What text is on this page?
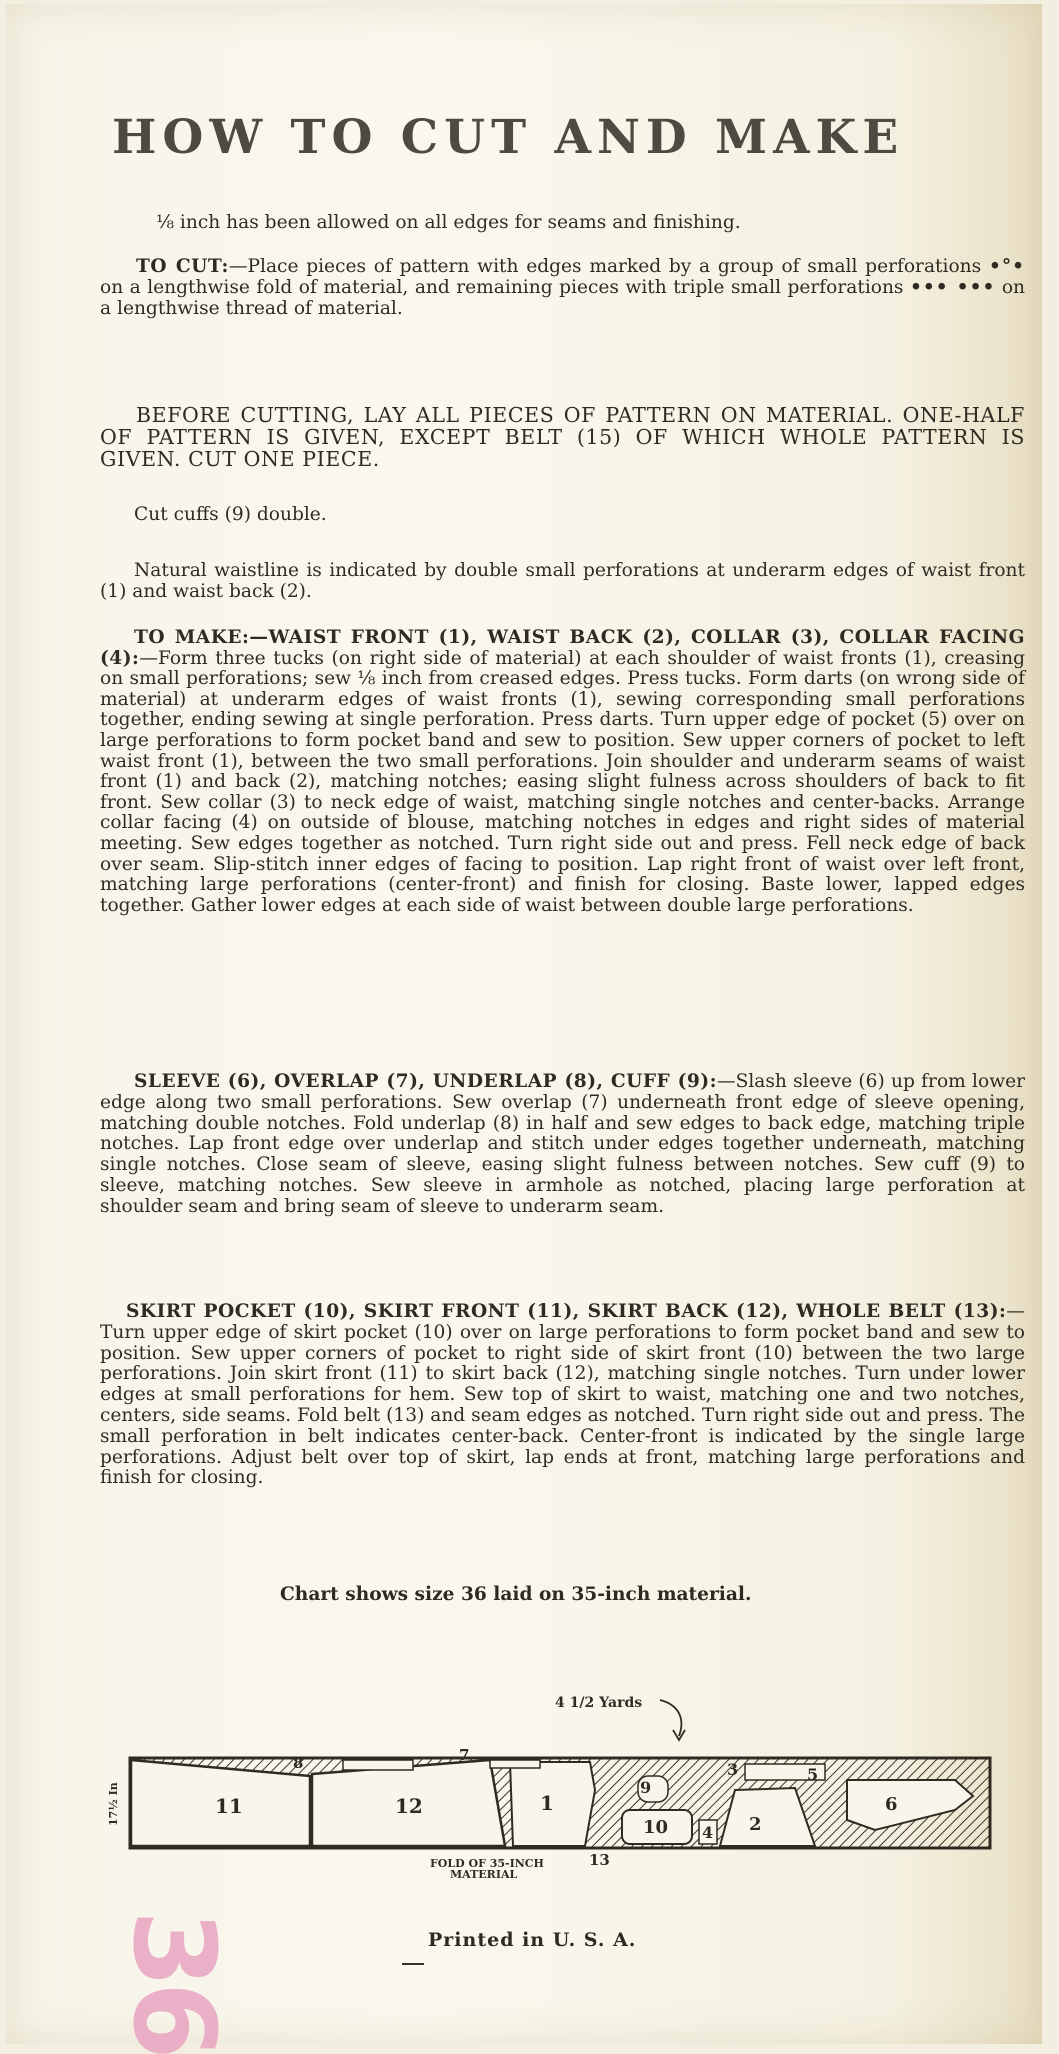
HOW TO CUT AND MAKE
⅛ inch has been allowed on all edges for seams and finishing.
TO CUT:—Place pieces of pattern with edges marked by a group of small perforations •°• on a lengthwise fold of material, and remaining pieces with triple small perforations ••• ••• on a lengthwise thread of material.
BEFORE CUTTING, LAY ALL PIECES OF PATTERN ON MATERIAL. ONE-HALF OF PATTERN IS GIVEN, EXCEPT BELT (15) OF WHICH WHOLE PATTERN IS GIVEN. CUT ONE PIECE.
Cut cuffs (9) double.
Natural waistline is indicated by double small perforations at underarm edges of waist front (1) and waist back (2).
TO MAKE:—WAIST FRONT (1), WAIST BACK (2), COLLAR (3), COLLAR FACING (4):—Form three tucks (on right side of material) at each shoulder of waist fronts (1), creasing on small perforations; sew ⅛ inch from creased edges. Press tucks. Form darts (on wrong side of material) at underarm edges of waist fronts (1), sewing corresponding small perforations together, ending sewing at single perforation. Press darts. Turn upper edge of pocket (5) over on large perforations to form pocket band and sew to position. Sew upper corners of pocket to left waist front (1), between the two small perforations. Join shoulder and underarm seams of waist front (1) and back (2), matching notches; easing slight fulness across shoulders of back to fit front. Sew collar (3) to neck edge of waist, matching single notches and center-backs. Arrange collar facing (4) on outside of blouse, matching notches in edges and right sides of material meeting. Sew edges together as notched. Turn right side out and press. Fell neck edge of back over seam. Slip-stitch inner edges of facing to position. Lap right front of waist over left front, matching large perforations (center-front) and finish for closing. Baste lower, lapped edges together. Gather lower edges at each side of waist between double large perforations.
SLEEVE (6), OVERLAP (7), UNDERLAP (8), CUFF (9):—Slash sleeve (6) up from lower edge along two small perforations. Sew overlap (7) underneath front edge of sleeve opening, matching double notches. Fold underlap (8) in half and sew edges to back edge, matching triple notches. Lap front edge over underlap and stitch under edges together underneath, matching single notches. Close seam of sleeve, easing slight fulness between notches. Sew cuff (9) to sleeve, matching notches. Sew sleeve in armhole as notched, placing large perforation at shoulder seam and bring seam of sleeve to underarm seam.
SKIRT POCKET (10), SKIRT FRONT (11), SKIRT BACK (12), WHOLE BELT (13):—Turn upper edge of skirt pocket (10) over on large perforations to form pocket band and sew to position. Sew upper corners of pocket to right side of skirt front (10) between the two large perforations. Join skirt front (11) to skirt back (12), matching single notches. Turn under lower edges at small perforations for hem. Sew top of skirt to waist, matching one and two notches, centers, side seams. Fold belt (13) and seam edges as notched. Turn right side out and press. The small perforation in belt indicates center-back. Center-front is indicated by the single large perforations. Adjust belt over top of skirt, lap ends at front, matching large perforations and finish for closing.
Chart shows size 36 laid on 35-inch material.
4 1/2 Yards
11	12	1
9
10 4 2
6
3	5
7
8
13
17½ In
FOLD OF 35-INCH
MATERIAL
Printed in U. S. A.
36
